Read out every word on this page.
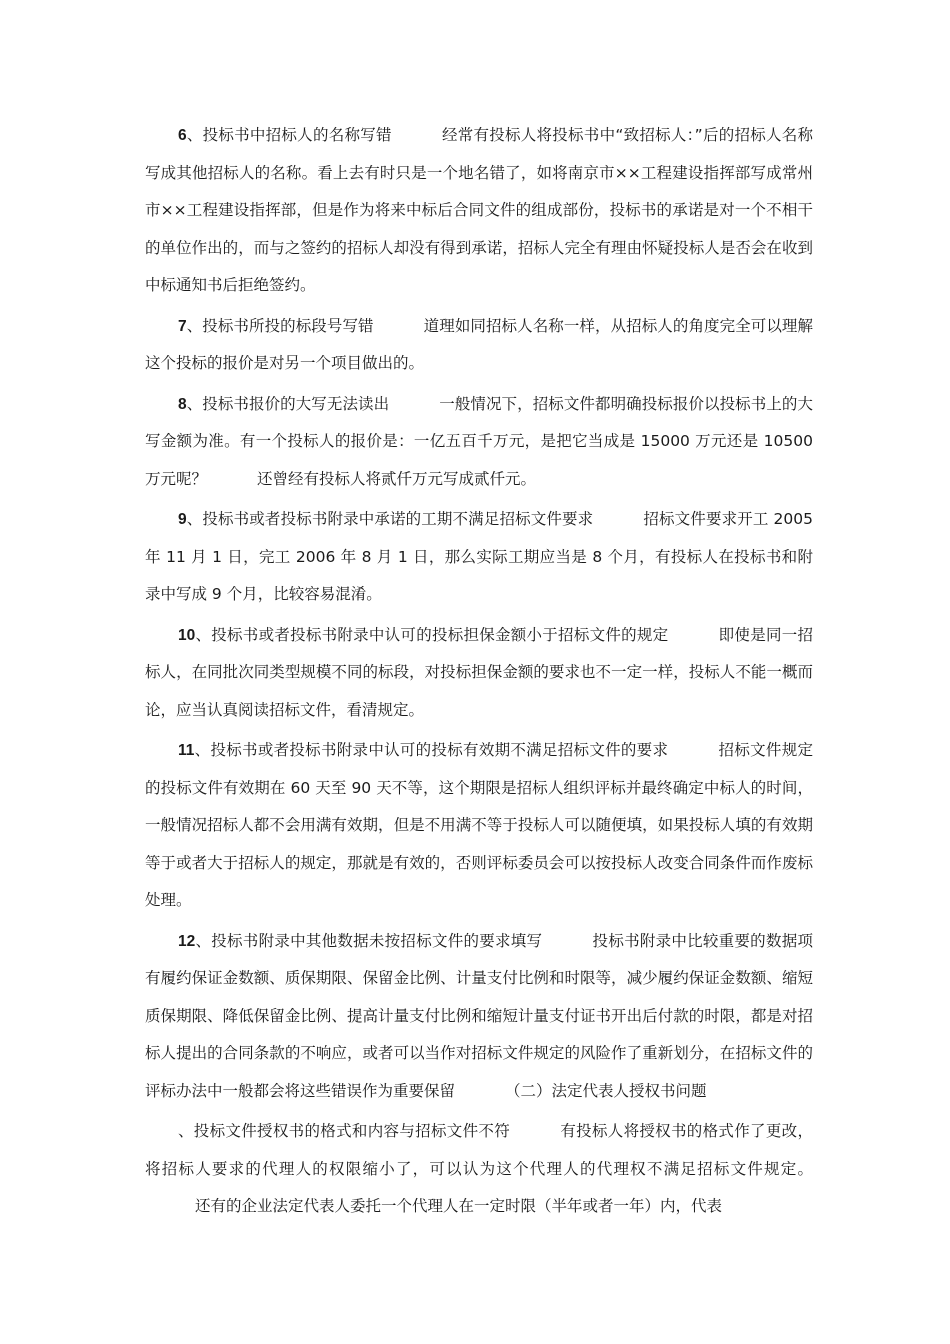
6、投标书中招标人的名称写错	经常有投标人将投标书中“致招标人：”后的招标人名称写成其他招标人的名称。看上去有时只是一个地名错了，如将南京市××工程建设指挥部写成常州市××工程建设指挥部，但是作为将来中标后合同文件的组成部份，投标书的承诺是对一个不相干的单位作出的，而与之签约的招标人却没有得到承诺，招标人完全有理由怀疑投标人是否会在收到中标通知书后拒绝签约。

7、投标书所投的标段号写错	道理如同招标人名称一样，从招标人的角度完全可以理解这个投标的报价是对另一个项目做出的。

8、投标书报价的大写无法读出	一般情况下，招标文件都明确投标报价以投标书上的大写金额为准。有一个投标人的报价是：一亿五百千万元，是把它当成是 15000 万元还是 10500 万元呢？	还曾经有投标人将贰仟万元写成贰仟元。

9、投标书或者投标书附录中承诺的工期不满足招标文件要求	招标文件要求开工 2005 年 11 月 1 日，完工 2006 年 8 月 1 日，那么实际工期应当是 8 个月，有投标人在投标书和附录中写成 9 个月，比较容易混淆。

10、投标书或者投标书附录中认可的投标担保金额小于招标文件的规定	即使是同一招标人，在同批次同类型规模不同的标段，对投标担保金额的要求也不一定一样，投标人不能一概而论，应当认真阅读招标文件，看清规定。

11、投标书或者投标书附录中认可的投标有效期不满足招标文件的要求	招标文件规定的投标文件有效期在 60 天至 90 天不等，这个期限是招标人组织评标并最终确定中标人的时间，一般情况招标人都不会用满有效期，但是不用满不等于投标人可以随便填，如果投标人填的有效期等于或者大于招标人的规定，那就是有效的，否则评标委员会可以按投标人改变合同条件而作废标处理。

12、投标书附录中其他数据未按招标文件的要求填写	投标书附录中比较重要的数据项有履约保证金数额、质保期限、保留金比例、计量支付比例和时限等，减少履约保证金数额、缩短质保期限、降低保留金比例、提高计量支付比例和缩短计量支付证书开出后付款的时限，都是对招标人提出的合同条款的不响应，或者可以当作对招标文件规定的风险作了重新划分，在招标文件的评标办法中一般都会将这些错误作为重要保留	（二）法定代表人授权书问题

、投标文件授权书的格式和内容与招标文件不符	有投标人将授权书的格式作了更改，将招标人要求的代理人的权限缩小了，可以认为这个代理人的代理权不满足招标文件规定。还有的企业法定代表人委托一个代理人在一定时限（半年或者一年）内，代表
